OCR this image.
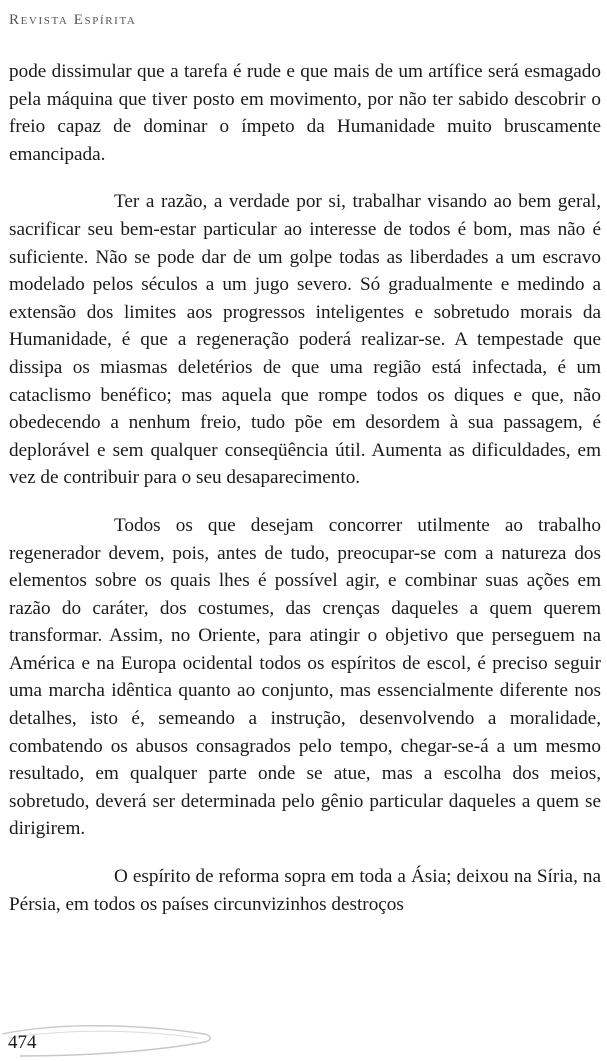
Revista Espírita

pode dissimular que a tarefa é rude e que mais de um artífice será esmagado pela máquina que tiver posto em movimento, por não ter sabido descobrir o freio capaz de dominar o ímpeto da Humanidade muito bruscamente emancipada.

Ter a razão, a verdade por si, trabalhar visando ao bem geral, sacrificar seu bem-estar particular ao interesse de todos é bom, mas não é suficiente. Não se pode dar de um golpe todas as liberdades a um escravo modelado pelos séculos a um jugo severo. Só gradualmente e medindo a extensão dos limites aos progressos inteligentes e sobretudo morais da Humanidade, é que a regeneração poderá realizar-se. A tempestade que dissipa os miasmas deletérios de que uma região está infectada, é um cataclismo benéfico; mas aquela que rompe todos os diques e que, não obedecendo a nenhum freio, tudo põe em desordem à sua passagem, é deplorável e sem qualquer conseqüência útil. Aumenta as dificuldades, em vez de contribuir para o seu desaparecimento.

Todos os que desejam concorrer utilmente ao trabalho regenerador devem, pois, antes de tudo, preocupar-se com a natureza dos elementos sobre os quais lhes é possível agir, e combinar suas ações em razão do caráter, dos costumes, das crenças daqueles a quem querem transformar. Assim, no Oriente, para atingir o objetivo que perseguem na América e na Europa ocidental todos os espíritos de escol, é preciso seguir uma marcha idêntica quanto ao conjunto, mas essencialmente diferente nos detalhes, isto é, semeando a instrução, desenvolvendo a moralidade, combatendo os abusos consagrados pelo tempo, chegar-se-á a um mesmo resultado, em qualquer parte onde se atue, mas a escolha dos meios, sobretudo, deverá ser determinada pelo gênio particular daqueles a quem se dirigirem.

O espírito de reforma sopra em toda a Ásia; deixou na Síria, na Pérsia, em todos os países circunvizinhos destroços

474
